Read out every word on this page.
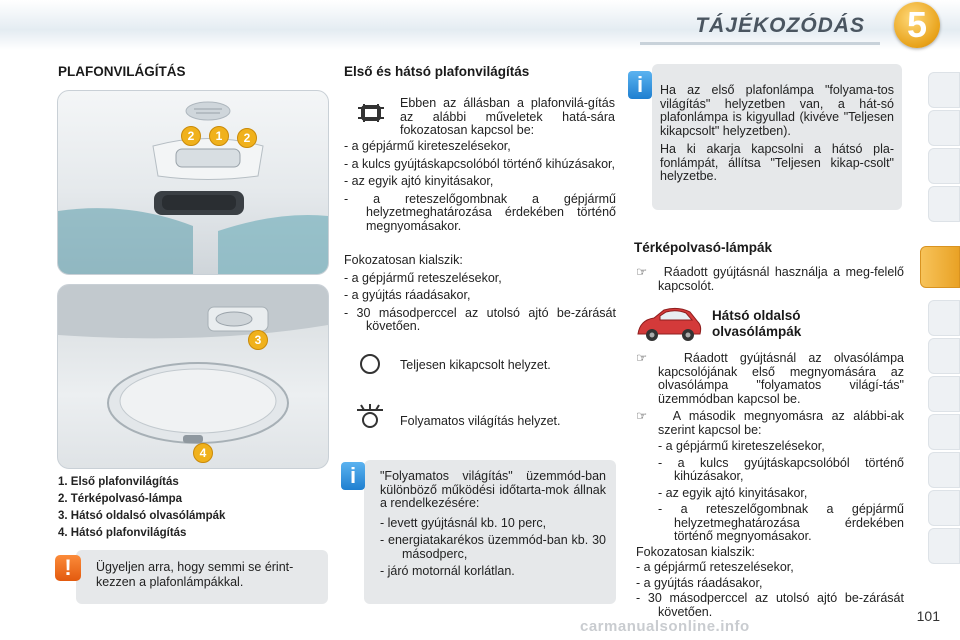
TÁJÉKOZÓDÁS	5
PLAFONVILÁGÍTÁS
2	1	2
3
4
1. Első plafonvilágítás
2. Térképolvasó-lámpa
3. Hátsó oldalsó olvasólámpák
4. Hátsó plafonvilágítás
Ügyeljen arra, hogy semmi se érint-kezzen a plafonlámpákkal.
!
Első és hátsó plafonvilágítás
Ebben az állásban a plafonvilá-gítás az alábbi műveletek hatá-sára fokozatosan kapcsol be:
- a gépjármű kireteszelésekor,
- a kulcs gyújtáskapcsolóból történő kihúzásakor,
- az egyik ajtó kinyitásakor,
- a reteszelőgombnak a gépjármű helyzetmeghatározása érdekében történő megnyomásakor.
Fokozatosan kialszik:
- a gépjármű reteszelésekor,
- a gyújtás ráadásakor,
- 30 másodperccel az utolsó ajtó be-zárását követően.
Teljesen kikapcsolt helyzet.
Folyamatos világítás helyzet.
"Folyamatos világítás" üzemmód-ban különböző működési időtarta-mok állnak a rendelkezésére:
- levett gyújtásnál kb. 10 perc,
- energiatakarékos üzemmód-ban kb. 30 másodperc,
- járó motornál korlátlan.
i
Ha az első plafonlámpa "folyama-tos világítás" helyzetben van, a hát-só plafonlámpa is kigyullad (kivéve "Teljesen kikapcsolt" helyzetben).
Ha ki akarja kapcsolni a hátsó pla-fonlámpát, állítsa "Teljesen kikap-csolt" helyzetbe.
i
Térképolvasó-lámpák
☞ Ráadott gyújtásnál használja a meg-felelő kapcsolót.
Hátsó oldalsó
olvasólámpák
☞	Ráadott gyújtásnál az olvasólámpa kapcsolójának első megnyomására az olvasólámpa "folyamatos világí-tás" üzemmódban kapcsol be.
☞ A második megnyomásra az alábbi-ak szerint kapcsol be:
- a gépjármű kireteszelésekor,
- a kulcs gyújtáskapcsolóból történő kihúzásakor,
- az egyik ajtó kinyitásakor,
- a reteszelőgombnak a gépjármű helyzetmeghatározása érdekében történő megnyomásakor.
Fokozatosan kialszik:
- a gépjármű reteszelésekor,
- a gyújtás ráadásakor,
- 30 másodperccel az utolsó ajtó be-zárását követően.
carmanualsonline.info
101
